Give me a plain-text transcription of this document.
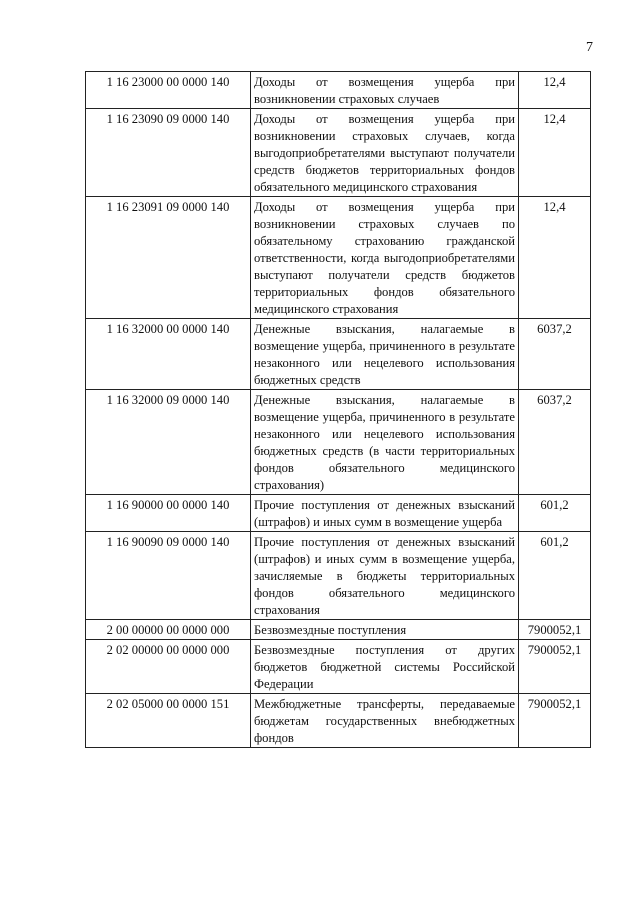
7
1 16 23000 00 0000 140	Доходы от возмещения ущерба при возникновении страховых случаев	12,4
1 16 23090 09 0000 140	Доходы от возмещения ущерба при возникновении страховых случаев, когда выгодоприобретателями выступают получатели средств бюджетов территориальных фондов обязательного медицинского страхования	12,4
1 16 23091 09 0000 140	Доходы от возмещения ущерба при возникновении страховых случаев по обязательному страхованию гражданской ответственности, когда выгодоприобретателями выступают получатели средств бюджетов территориальных фондов обязательного медицинского страхования	12,4
1 16 32000 00 0000 140	Денежные взыскания, налагаемые в возмещение ущерба, причиненного в результате незаконного или нецелевого использования бюджетных средств	6037,2
1 16 32000 09 0000 140	Денежные взыскания, налагаемые в возмещение ущерба, причиненного в результате незаконного или нецелевого использования бюджетных средств (в части территориальных фондов обязательного медицинского страхования)	6037,2
1 16 90000 00 0000 140	Прочие поступления от денежных взысканий (штрафов) и иных сумм в возмещение ущерба	601,2
1 16 90090 09 0000 140	Прочие поступления от денежных взысканий (штрафов) и иных сумм в возмещение ущерба, зачисляемые в бюджеты территориальных фондов обязательного медицинского страхования	601,2
2 00 00000 00 0000 000	Безвозмездные поступления	7900052,1
2 02 00000 00 0000 000	Безвозмездные поступления от других бюджетов бюджетной системы Российской Федерации	7900052,1
2 02 05000 00 0000 151	Межбюджетные трансферты, передаваемые бюджетам государственных внебюджетных фондов	7900052,1
